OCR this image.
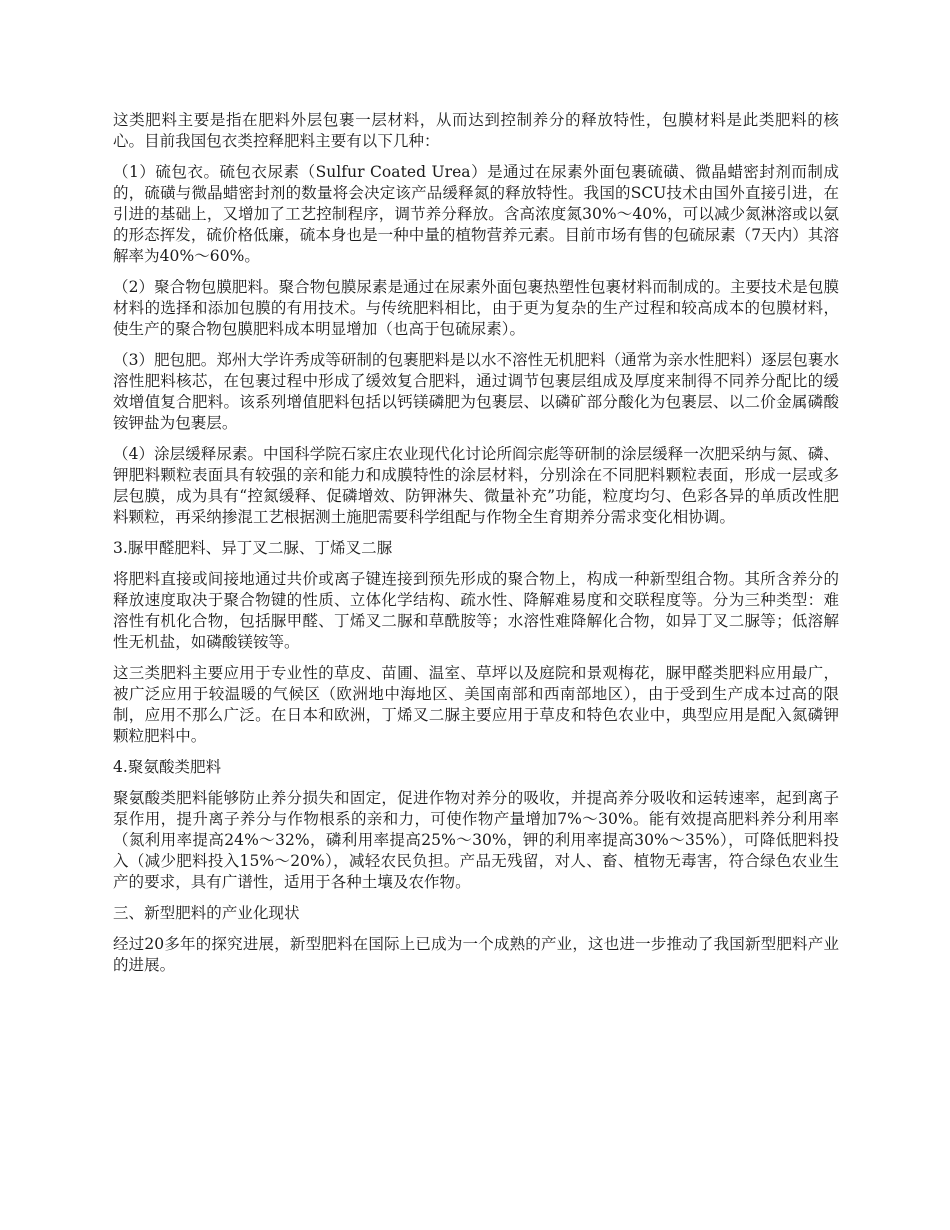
这类肥料主要是指在肥料外层包裹一层材料，从而达到控制养分的释放特性，包膜材料是此类肥料的核心。目前我国包衣类控释肥料主要有以下几种：

（1）硫包衣。硫包衣尿素（Sulfur Coated Urea）是通过在尿素外面包裹硫磺、微晶蜡密封剂而制成的，硫磺与微晶蜡密封剂的数量将会决定该产品缓释氮的释放特性。我国的SCU技术由国外直接引进，在引进的基础上，又增加了工艺控制程序，调节养分释放。含高浓度氮30%～40%，可以减少氮淋溶或以氨的形态挥发，硫价格低廉，硫本身也是一种中量的植物营养元素。目前市场有售的包硫尿素（7天内）其溶解率为40%～60%。

（2）聚合物包膜肥料。聚合物包膜尿素是通过在尿素外面包裹热塑性包裹材料而制成的。主要技术是包膜材料的选择和添加包膜的有用技术。与传统肥料相比，由于更为复杂的生产过程和较高成本的包膜材料，使生产的聚合物包膜肥料成本明显增加（也高于包硫尿素）。

（3）肥包肥。郑州大学许秀成等研制的包裹肥料是以水不溶性无机肥料（通常为亲水性肥料）逐层包裹水溶性肥料核芯，在包裹过程中形成了缓效复合肥料，通过调节包裹层组成及厚度来制得不同养分配比的缓效增值复合肥料。该系列增值肥料包括以钙镁磷肥为包裹层、以磷矿部分酸化为包裹层、以二价金属磷酸铵钾盐为包裹层。

（4）涂层缓释尿素。中国科学院石家庄农业现代化讨论所阎宗彪等研制的涂层缓释一次肥采纳与氮、磷、钾肥料颗粒表面具有较强的亲和能力和成膜特性的涂层材料，分别涂在不同肥料颗粒表面，形成一层或多层包膜，成为具有“控氮缓释、促磷增效、防钾淋失、微量补充”功能，粒度均匀、色彩各异的单质改性肥料颗粒，再采纳掺混工艺根据测土施肥需要科学组配与作物全生育期养分需求变化相协调。

3.脲甲醛肥料、异丁叉二脲、丁烯叉二脲

将肥料直接或间接地通过共价或离子键连接到预先形成的聚合物上，构成一种新型组合物。其所含养分的释放速度取决于聚合物键的性质、立体化学结构、疏水性、降解难易度和交联程度等。分为三种类型：难溶性有机化合物，包括脲甲醛、丁烯叉二脲和草酰胺等；水溶性难降解化合物，如异丁叉二脲等；低溶解性无机盐，如磷酸镁铵等。

这三类肥料主要应用于专业性的草皮、苗圃、温室、草坪以及庭院和景观梅花，脲甲醛类肥料应用最广，被广泛应用于较温暖的气候区（欧洲地中海地区、美国南部和西南部地区），由于受到生产成本过高的限制，应用不那么广泛。在日本和欧洲，丁烯叉二脲主要应用于草皮和特色农业中，典型应用是配入氮磷钾颗粒肥料中。

4.聚氨酸类肥料

聚氨酸类肥料能够防止养分损失和固定，促进作物对养分的吸收，并提高养分吸收和运转速率，起到离子泵作用，提升离子养分与作物根系的亲和力，可使作物产量增加7%～30%。能有效提高肥料养分利用率（氮利用率提高24%～32%，磷利用率提高25%～30%，钾的利用率提高30%～35%），可降低肥料投入（减少肥料投入15%～20%），减轻农民负担。产品无残留，对人、畜、植物无毒害，符合绿色农业生产的要求，具有广谱性，适用于各种土壤及农作物。

三、新型肥料的产业化现状

经过20多年的探究进展，新型肥料在国际上已成为一个成熟的产业，这也进一步推动了我国新型肥料产业的进展。
